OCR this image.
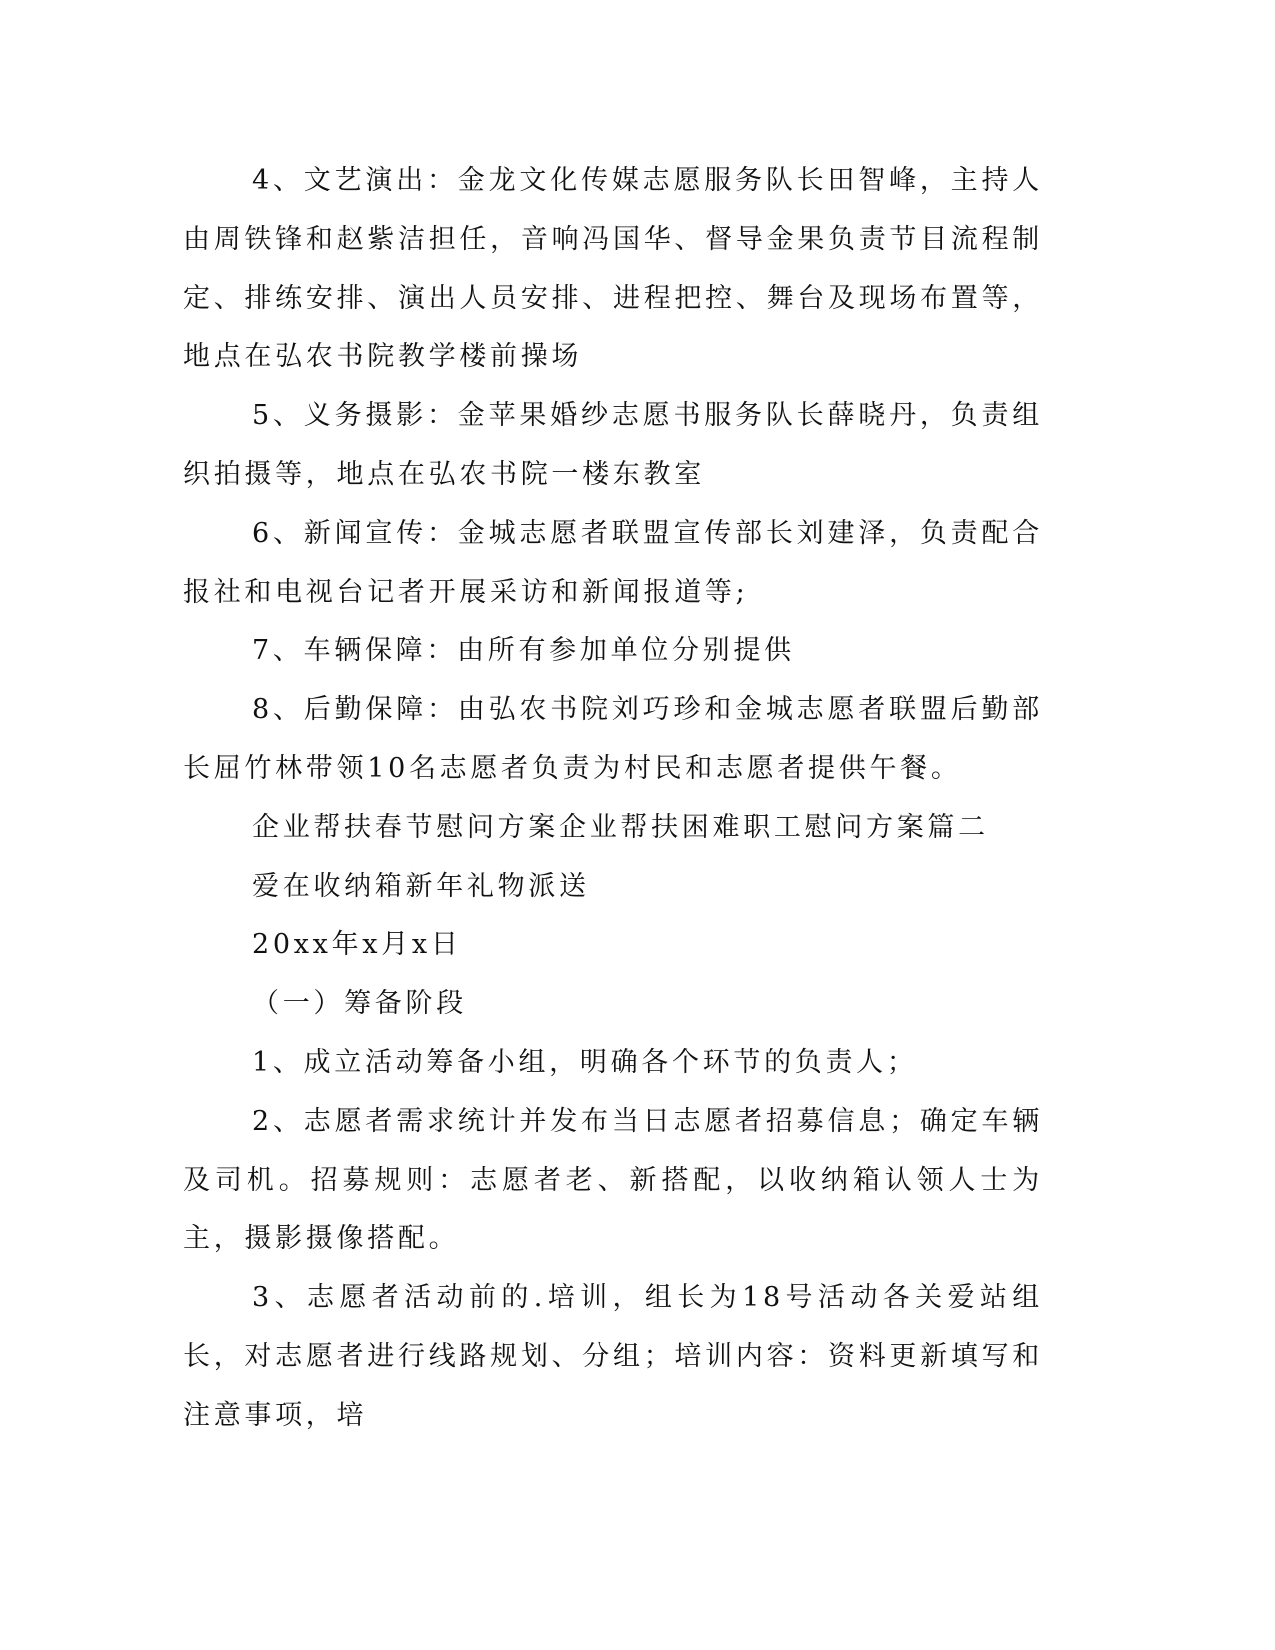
4、文艺演出：金龙文化传媒志愿服务队长田智峰，主持人由周铁锋和赵紫洁担任，音响冯国华、督导金果负责节目流程制定、排练安排、演出人员安排、进程把控、舞台及现场布置等，地点在弘农书院教学楼前操场

5、义务摄影：金苹果婚纱志愿书服务队长薛晓丹，负责组织拍摄等，地点在弘农书院一楼东教室

6、新闻宣传：金城志愿者联盟宣传部长刘建泽，负责配合报社和电视台记者开展采访和新闻报道等;

7、车辆保障：由所有参加单位分别提供

8、后勤保障：由弘农书院刘巧珍和金城志愿者联盟后勤部长屈竹林带领10名志愿者负责为村民和志愿者提供午餐。

企业帮扶春节慰问方案企业帮扶困难职工慰问方案篇二

爱在收纳箱新年礼物派送

20xx年x月x日

（一）筹备阶段

1、成立活动筹备小组，明确各个环节的负责人；

2、志愿者需求统计并发布当日志愿者招募信息；确定车辆及司机。招募规则：志愿者老、新搭配，以收纳箱认领人士为主，摄影摄像搭配。

3、志愿者活动前的.培训，组长为18号活动各关爱站组长，对志愿者进行线路规划、分组；培训内容：资料更新填写和注意事项，培
